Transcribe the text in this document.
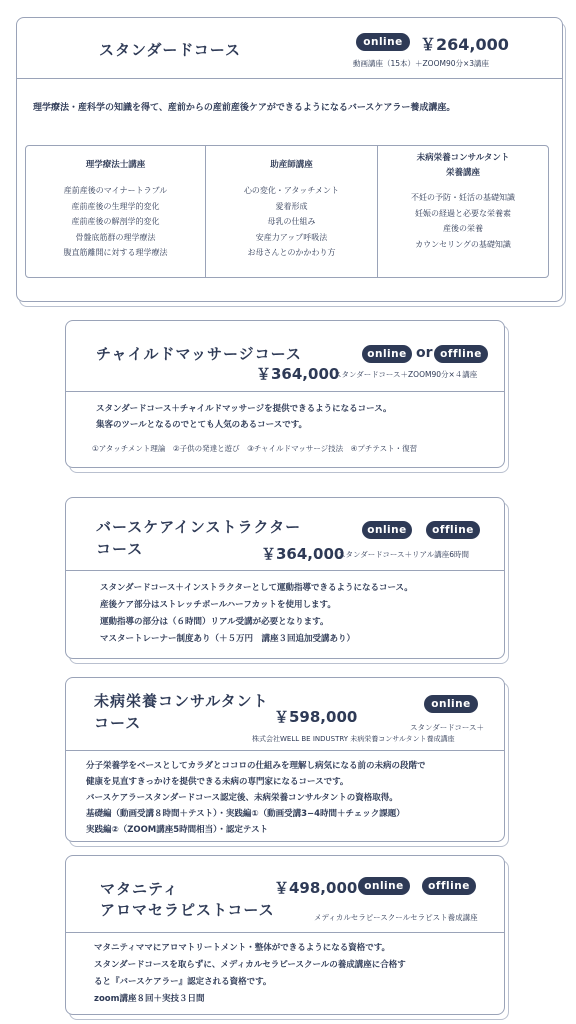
スタンダードコース	online	￥264,000
動画講座（15本）＋ZOOM90分×3講座
理学療法・産科学の知識を得て、産前からの産前産後ケアができるようになるバースケアラー養成講座。
理学療法士講座
産前産後のマイナートラブル
産前産後の生理学的変化
産前産後の解剖学的変化
骨盤底筋群の理学療法
腹直筋離開に対する理学療法
助産師講座
心の変化・アタッチメント
愛着形成
母乳の仕組み
安産力アップ呼吸法
お母さんとのかかわり方
未病栄養コンサルタント
栄養講座
不妊の予防・妊活の基礎知識
妊娠の経過と必要な栄養素
産後の栄養
カウンセリングの基礎知識
チャイルドマッサージコース
￥364,000
スタンダードコース＋ZOOM90分×４講座
online or offline
スタンダードコース＋チャイルドマッサージを提供できるようになるコース。
集客のツールとなるのでとても人気のあるコースです。
①アタッチメント理論　②子供の発達と遊び　③チャイルドマッサージ技法　④プチテスト・復習
バースケアインストラクター
コース
online	offline
￥364,000
スタンダードコース＋リアル講座6時間
スタンダードコース＋インストラクターとして運動指導できるようになるコース。
産後ケア部分はストレッチポールハーフカットを使用します。
運動指導の部分は（６時間）リアル受講が必要となります。
マスタートレーナー制度あり（＋５万円　講座３回追加受講あり）
未病栄養コンサルタント
コース	￥598,000
online
スタンダードコース＋
株式会社WELL BE INDUSTRY 未病栄養コンサルタント養成講座
分子栄養学をベースとしてカラダとココロの仕組みを理解し病気になる前の未病の段階で
健康を見直すきっかけを提供できる未病の専門家になるコースです。
バースケアラースタンダードコース認定後、未病栄養コンサルタントの資格取得。
基礎編（動画受講８時間＋テスト）・実践編①（動画受講3−4時間＋チェック課題）
実践編②（ZOOM講座5時間相当）・認定テスト
マタニティ
アロマセラピストコース
￥498,000 online	offline
メディカルセラピースクールセラピスト養成講座
マタニティママにアロマトリートメント・整体ができるようになる資格です。
スタンダードコースを取らずに、メディカルセラピースクールの養成講座に合格す
ると『バースケアラー』認定される資格です。
zoom講座８回＋実技３日間
